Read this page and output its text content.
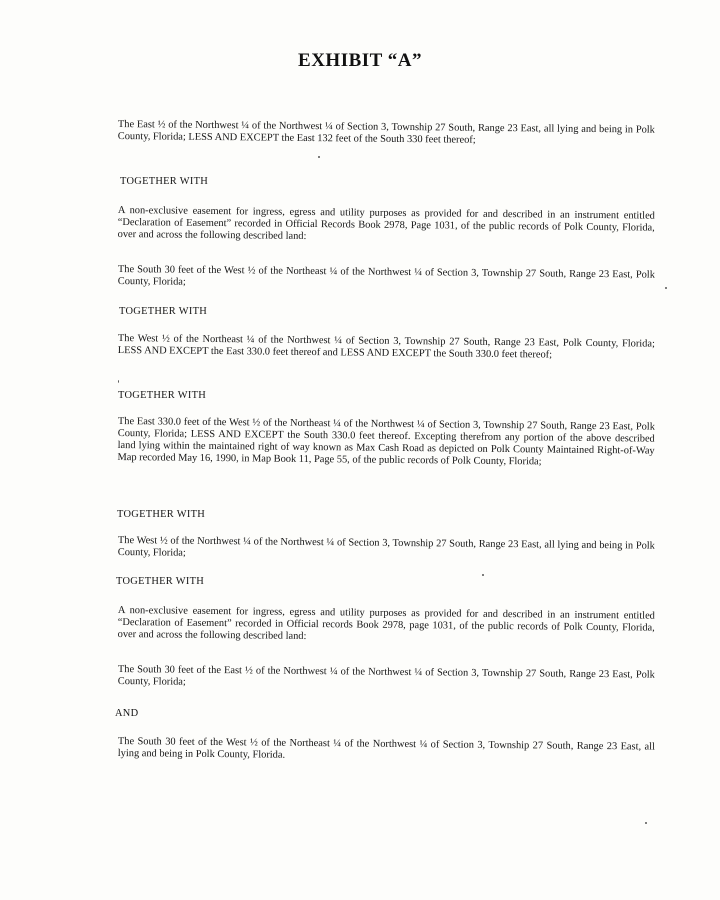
EXHIBIT “A”
The East ½ of the Northwest ¼ of the Northwest ¼ of Section 3, Township 27 South, Range 23 East, all lying and being in Polk County, Florida; LESS AND EXCEPT the East 132 feet of the South 330 feet thereof;
TOGETHER WITH
A non-exclusive easement for ingress, egress and utility purposes as provided for and described in an instrument entitled “Declaration of Easement” recorded in Official Records Book 2978, Page 1031, of the public records of Polk County, Florida, over and across the following described land:
The South 30 feet of the West ½ of the Northeast ¼ of the Northwest ¼ of Section 3, Township 27 South, Range 23 East, Polk County, Florida;
TOGETHER WITH
The West ½ of the Northeast ¼ of the Northwest ¼ of Section 3, Township 27 South, Range 23 East, Polk County, Florida; LESS AND EXCEPT the East 330.0 feet thereof and LESS AND EXCEPT the South 330.0 feet thereof;
TOGETHER WITH
The East 330.0 feet of the West ½ of the Northeast ¼ of the Northwest ¼ of Section 3, Township 27 South, Range 23 East, Polk County, Florida; LESS AND EXCEPT the South 330.0 feet thereof. Excepting therefrom any portion of the above described land lying within the maintained right of way known as Max Cash Road as depicted on Polk County Maintained Right-of-Way Map recorded May 16, 1990, in Map Book 11, Page 55, of the public records of Polk County, Florida;
TOGETHER WITH
The West ½ of the Northwest ¼ of the Northwest ¼ of Section 3, Township 27 South, Range 23 East, all lying and being in Polk County, Florida;
TOGETHER WITH
A non-exclusive easement for ingress, egress and utility purposes as provided for and described in an instrument entitled “Declaration of Easement” recorded in Official records Book 2978, page 1031, of the public records of Polk County, Florida, over and across the following described land:
The South 30 feet of the East ½ of the Northwest ¼ of the Northwest ¼ of Section 3, Township 27 South, Range 23 East, Polk County, Florida;
AND
The South 30 feet of the West ½ of the Northeast ¼ of the Northwest ¼ of Section 3, Township 27 South, Range 23 East, all lying and being in Polk County, Florida.
